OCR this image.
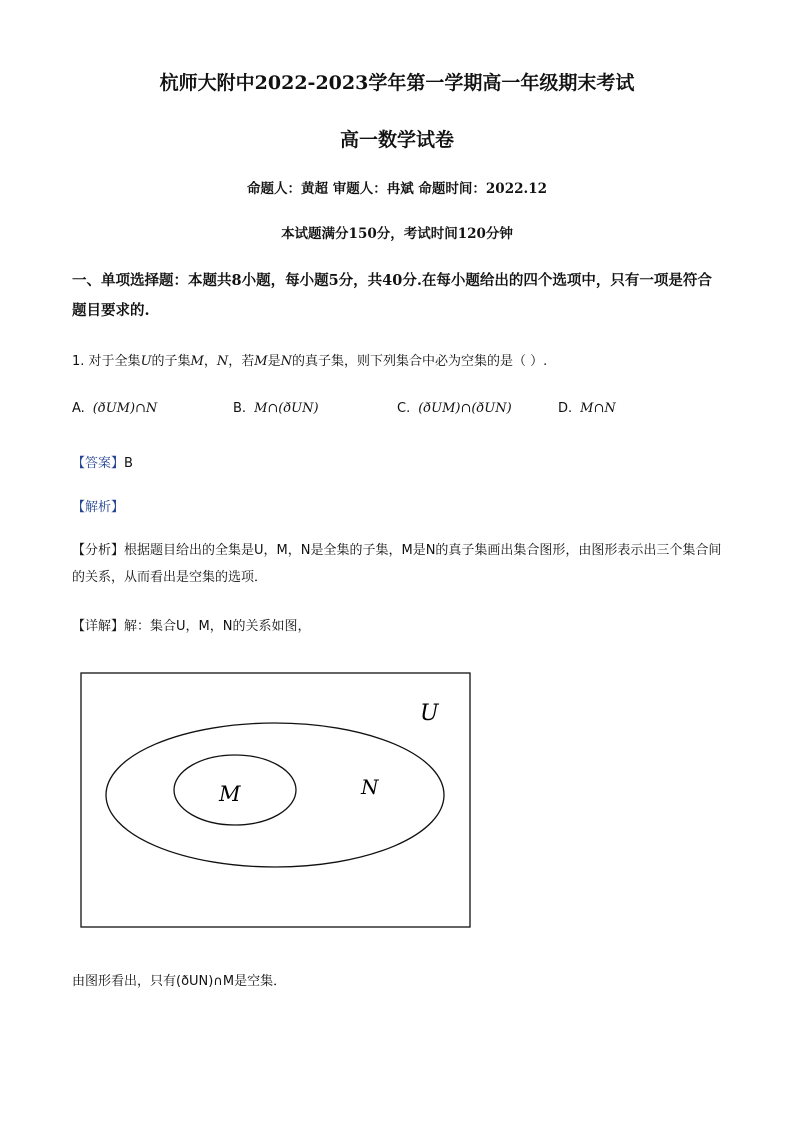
杭师大附中2022-2023学年第一学期高一年级期末考试
高一数学试卷
命题人：黄超 审题人：冉斌 命题时间：2022.12
本试题满分150分，考试时间120分钟
一、单项选择题：本题共8小题，每小题5分，共40分.在每小题给出的四个选项中，只有一项是符合题目要求的.
1. 对于全集U的子集M，N，若M是N的真子集，则下列集合中必为空集的是（ ）.
A. (ðUM)∩N	B. M∩(ðUN)	C. (ðUM)∩(ðUN)	D. M∩N
【答案】B
【解析】
【分析】根据题目给出的全集是U，M，N是全集的子集，M是N的真子集画出集合图形，由图形表示出三个集合间的关系，从而看出是空集的选项．
【详解】解：集合U，M，N的关系如图，
U
N
M
由图形看出，只有(ðUN)∩M是空集．
